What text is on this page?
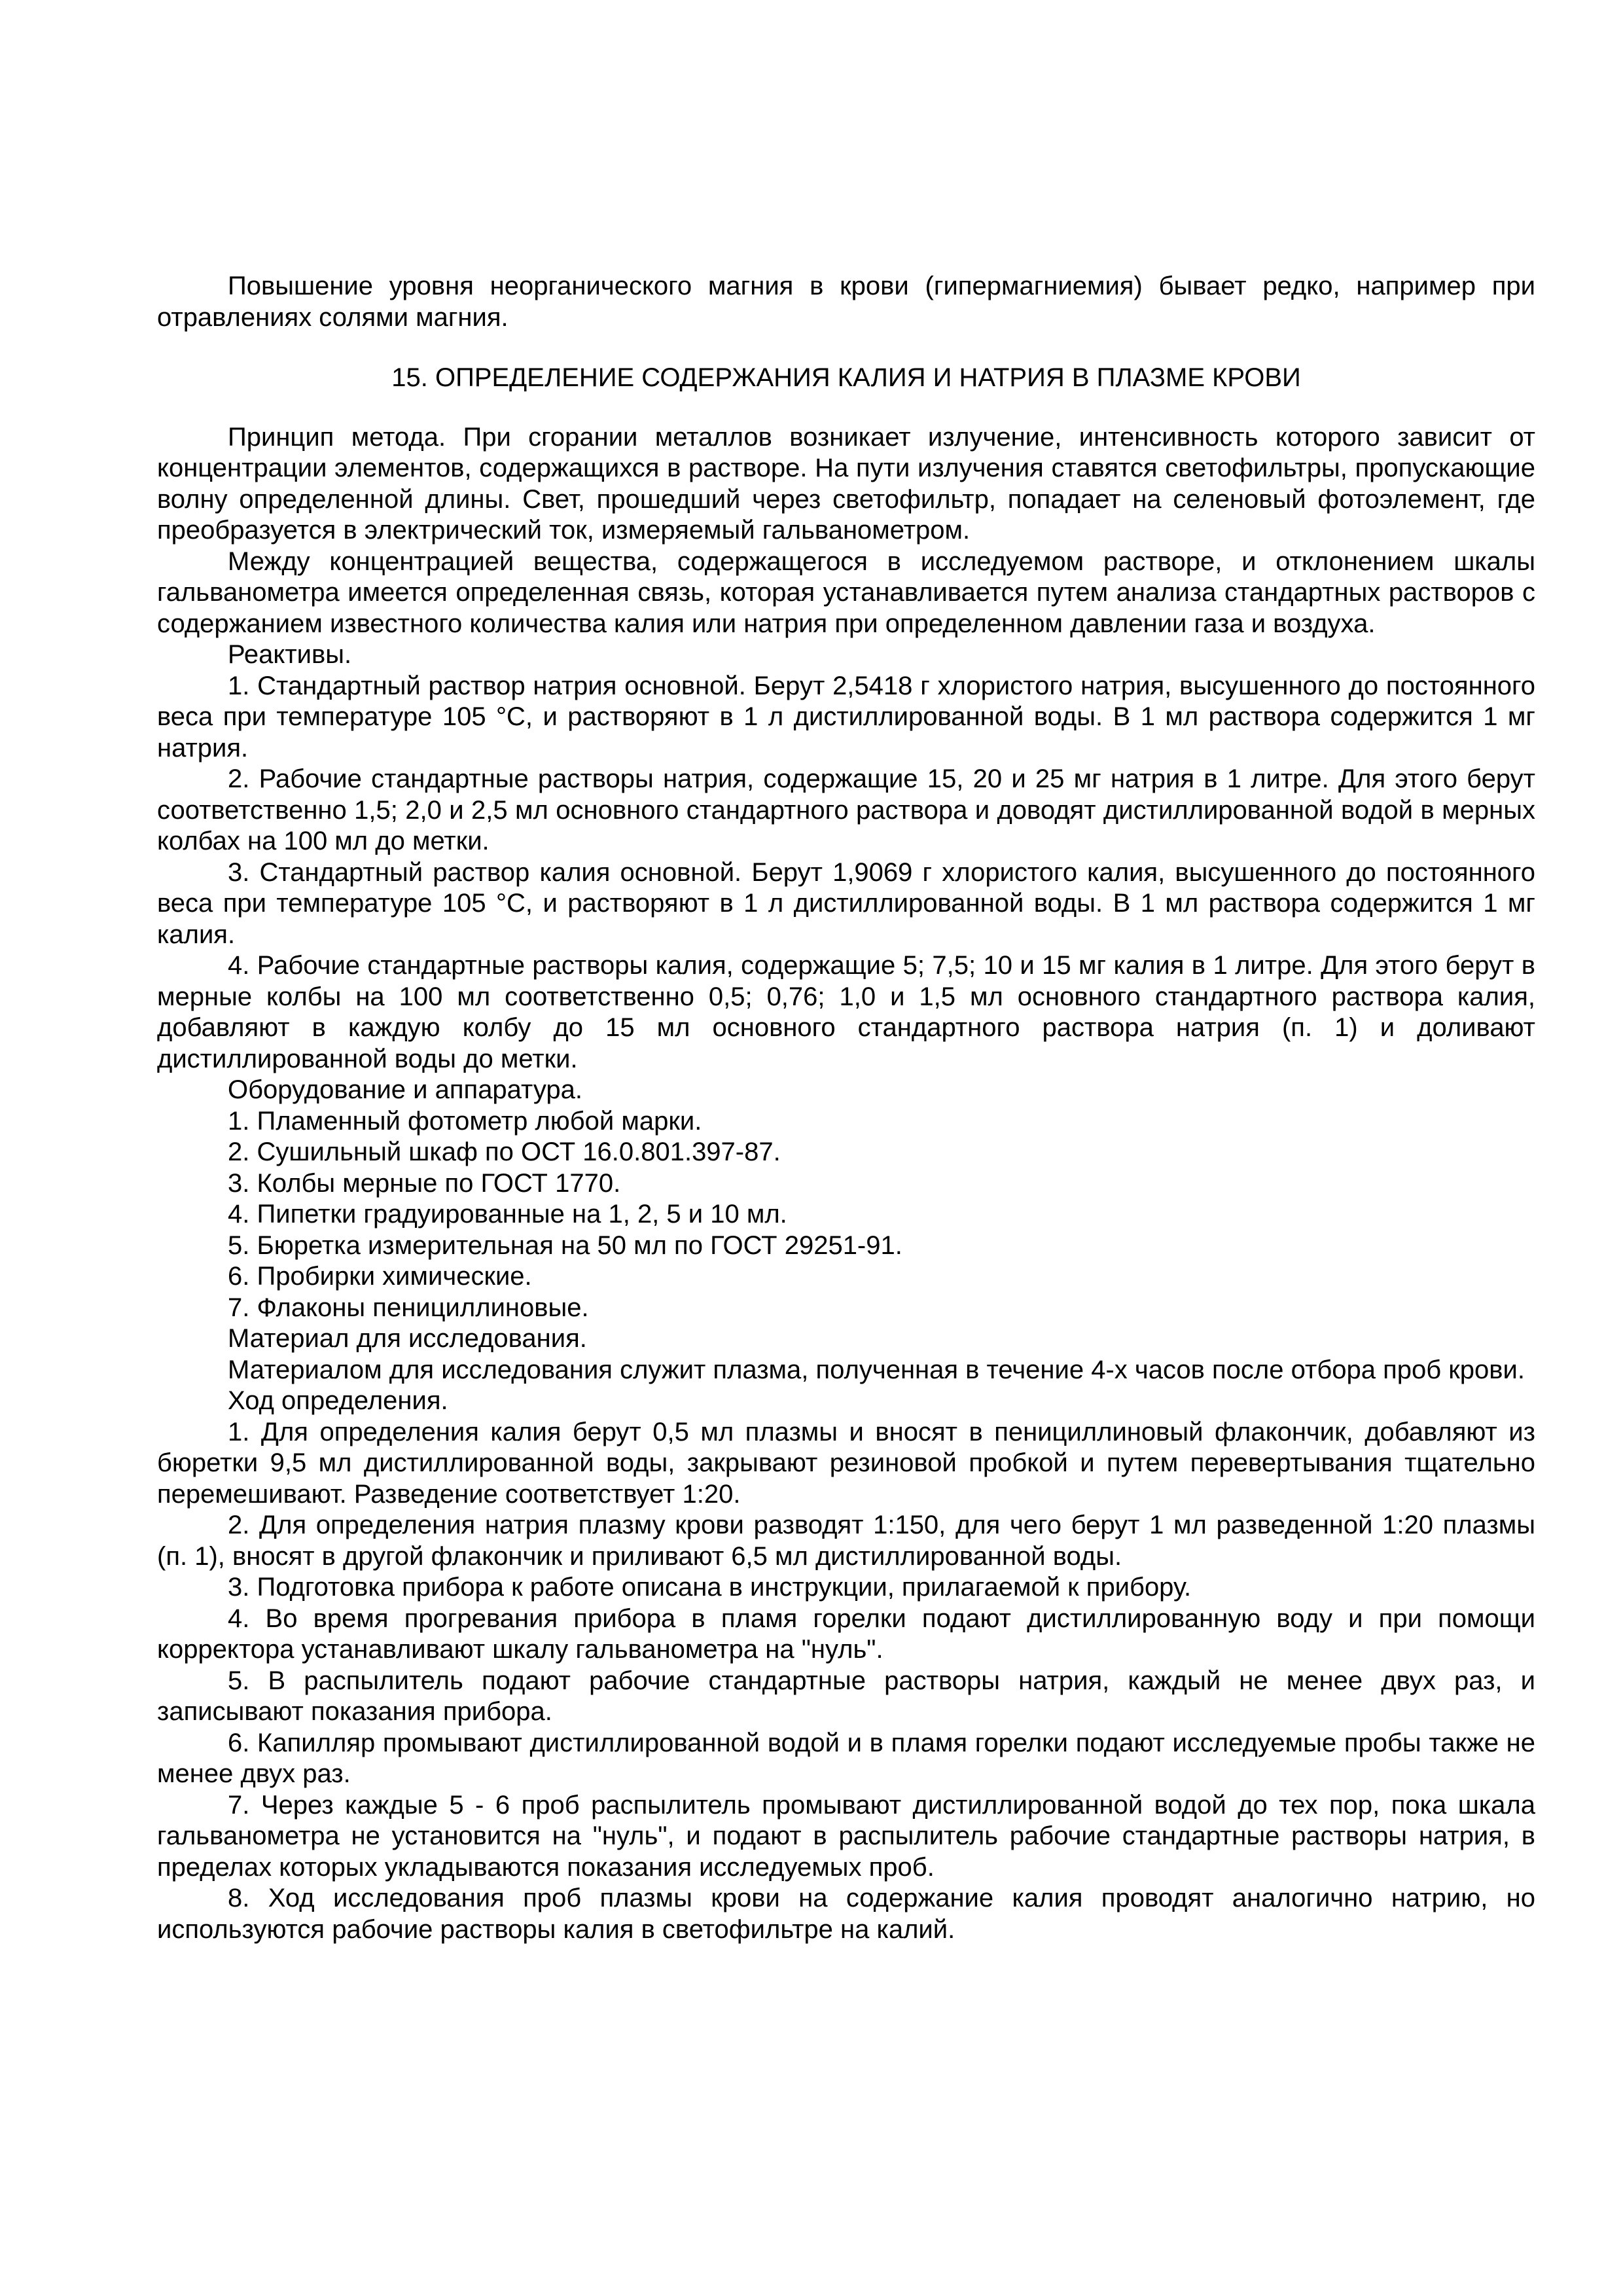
Повышение уровня неорганического магния в крови (гипермагниемия) бывает редко, например при отравлениях солями магния.

15. ОПРЕДЕЛЕНИЕ СОДЕРЖАНИЯ КАЛИЯ И НАТРИЯ В ПЛАЗМЕ КРОВИ

Принцип метода. При сгорании металлов возникает излучение, интенсивность которого зависит от концентрации элементов, содержащихся в растворе. На пути излучения ставятся светофильтры, пропускающие волну определенной длины. Свет, прошедший через светофильтр, попадает на селеновый фотоэлемент, где преобразуется в электрический ток, измеряемый гальванометром.

Между концентрацией вещества, содержащегося в исследуемом растворе, и отклонением шкалы гальванометра имеется определенная связь, которая устанавливается путем анализа стандартных растворов с содержанием известного количества калия или натрия при определенном давлении газа и воздуха.

Реактивы.

1. Стандартный раствор натрия основной. Берут 2,5418 г хлористого натрия, высушенного до постоянного веса при температуре 105 °С, и растворяют в 1 л дистиллированной воды. В 1 мл раствора содержится 1 мг натрия.

2. Рабочие стандартные растворы натрия, содержащие 15, 20 и 25 мг натрия в 1 литре. Для этого берут соответственно 1,5; 2,0 и 2,5 мл основного стандартного раствора и доводят дистиллированной водой в мерных колбах на 100 мл до метки.

3. Стандартный раствор калия основной. Берут 1,9069 г хлористого калия, высушенного до постоянного веса при температуре 105 °С, и растворяют в 1 л дистиллированной воды. В 1 мл раствора содержится 1 мг калия.

4. Рабочие стандартные растворы калия, содержащие 5; 7,5; 10 и 15 мг калия в 1 литре. Для этого берут в мерные колбы на 100 мл соответственно 0,5; 0,76; 1,0 и 1,5 мл основного стандартного раствора калия, добавляют в каждую колбу до 15 мл основного стандартного раствора натрия (п. 1) и доливают дистиллированной воды до метки.

Оборудование и аппаратура.

1. Пламенный фотометр любой марки.

2. Сушильный шкаф по ОСТ 16.0.801.397-87.

3. Колбы мерные по ГОСТ 1770.

4. Пипетки градуированные на 1, 2, 5 и 10 мл.

5. Бюретка измерительная на 50 мл по ГОСТ 29251-91.

6. Пробирки химические.

7. Флаконы пенициллиновые.

Материал для исследования.

Материалом для исследования служит плазма, полученная в течение 4-х часов после отбора проб крови.

Ход определения.

1. Для определения калия берут 0,5 мл плазмы и вносят в пенициллиновый флакончик, добавляют из бюретки 9,5 мл дистиллированной воды, закрывают резиновой пробкой и путем перевертывания тщательно перемешивают. Разведение соответствует 1:20.

2. Для определения натрия плазму крови разводят 1:150, для чего берут 1 мл разведенной 1:20 плазмы (п. 1), вносят в другой флакончик и приливают 6,5 мл дистиллированной воды.

3. Подготовка прибора к работе описана в инструкции, прилагаемой к прибору.

4. Во время прогревания прибора в пламя горелки подают дистиллированную воду и при помощи корректора устанавливают шкалу гальванометра на "нуль".

5. В распылитель подают рабочие стандартные растворы натрия, каждый не менее двух раз, и записывают показания прибора.

6. Капилляр промывают дистиллированной водой и в пламя горелки подают исследуемые пробы также не менее двух раз.

7. Через каждые 5 - 6 проб распылитель промывают дистиллированной водой до тех пор, пока шкала гальванометра не установится на "нуль", и подают в распылитель рабочие стандартные растворы натрия, в пределах которых укладываются показания исследуемых проб.

8. Ход исследования проб плазмы крови на содержание калия проводят аналогично натрию, но используются рабочие растворы калия в светофильтре на калий.
